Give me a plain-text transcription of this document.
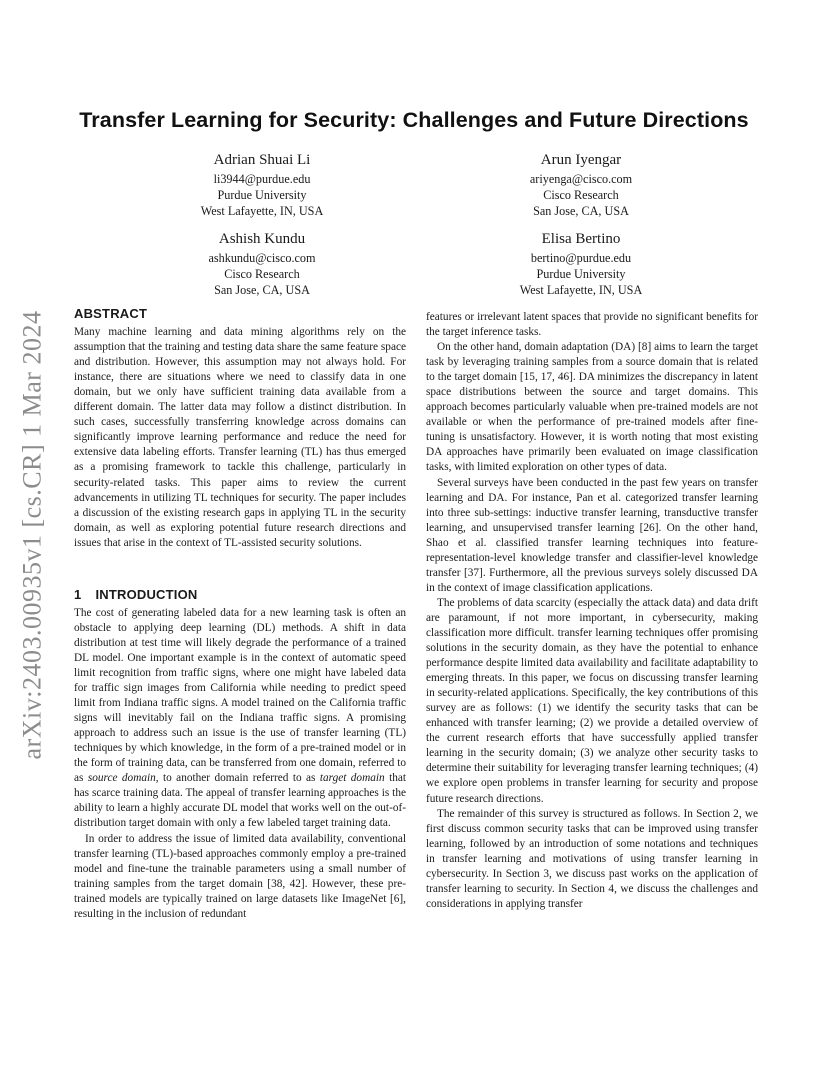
arXiv:2403.00935v1 [cs.CR] 1 Mar 2024
Transfer Learning for Security: Challenges and Future Directions
Adrian Shuai Li
li3944@purdue.edu
Purdue University
West Lafayette, IN, USA
Arun Iyengar
ariyenga@cisco.com
Cisco Research
San Jose, CA, USA
Ashish Kundu
ashkundu@cisco.com
Cisco Research
San Jose, CA, USA
Elisa Bertino
bertino@purdue.edu
Purdue University
West Lafayette, IN, USA
ABSTRACT

Many machine learning and data mining algorithms rely on the assumption that the training and testing data share the same feature space and distribution. However, this assumption may not always hold. For instance, there are situations where we need to classify data in one domain, but we only have sufficient training data available from a different domain. The latter data may follow a distinct distribution. In such cases, successfully transferring knowledge across domains can significantly improve learning performance and reduce the need for extensive data labeling efforts. Transfer learning (TL) has thus emerged as a promising framework to tackle this challenge, particularly in security-related tasks. This paper aims to review the current advancements in utilizing TL techniques for security. The paper includes a discussion of the existing research gaps in applying TL in the security domain, as well as exploring potential future research directions and issues that arise in the context of TL-assisted security solutions.

1 INTRODUCTION

The cost of generating labeled data for a new learning task is often an obstacle to applying deep learning (DL) methods. A shift in data distribution at test time will likely degrade the performance of a trained DL model. One important example is in the context of automatic speed limit recognition from traffic signs, where one might have labeled data for traffic sign images from California while needing to predict speed limit from Indiana traffic signs. A model trained on the California traffic signs will inevitably fail on the Indiana traffic signs. A promising approach to address such an issue is the use of transfer learning (TL) techniques by which knowledge, in the form of a pre-trained model or in the form of training data, can be transferred from one domain, referred to as source domain, to another domain referred to as target domain that has scarce training data. The appeal of transfer learning approaches is the ability to learn a highly accurate DL model that works well on the out-of-distribution target domain with only a few labeled target training data.

In order to address the issue of limited data availability, conventional transfer learning (TL)-based approaches commonly employ a pre-trained model and fine-tune the trainable parameters using a small number of training samples from the target domain [38, 42]. However, these pre-trained models are typically trained on large datasets like ImageNet [6], resulting in the inclusion of redundant

features or irrelevant latent spaces that provide no significant benefits for the target inference tasks.

On the other hand, domain adaptation (DA) [8] aims to learn the target task by leveraging training samples from a source domain that is related to the target domain [15, 17, 46]. DA minimizes the discrepancy in latent space distributions between the source and target domains. This approach becomes particularly valuable when pre-trained models are not available or when the performance of pre-trained models after fine-tuning is unsatisfactory. However, it is worth noting that most existing DA approaches have primarily been evaluated on image classification tasks, with limited exploration on other types of data.

Several surveys have been conducted in the past few years on transfer learning and DA. For instance, Pan et al. categorized transfer learning into three sub-settings: inductive transfer learning, transductive transfer learning, and unsupervised transfer learning [26]. On the other hand, Shao et al. classified transfer learning techniques into feature-representation-level knowledge transfer and classifier-level knowledge transfer [37]. Furthermore, all the previous surveys solely discussed DA in the context of image classification applications.

The problems of data scarcity (especially the attack data) and data drift are paramount, if not more important, in cybersecurity, making classification more difficult. transfer learning techniques offer promising solutions in the security domain, as they have the potential to enhance performance despite limited data availability and facilitate adaptability to emerging threats. In this paper, we focus on discussing transfer learning in security-related applications. Specifically, the key contributions of this survey are as follows: (1) we identify the security tasks that can be enhanced with transfer learning; (2) we provide a detailed overview of the current research efforts that have successfully applied transfer learning in the security domain; (3) we analyze other security tasks to determine their suitability for leveraging transfer learning techniques; (4) we explore open problems in transfer learning for security and propose future research directions.

The remainder of this survey is structured as follows. In Section 2, we first discuss common security tasks that can be improved using transfer learning, followed by an introduction of some notations and techniques in transfer learning and motivations of using transfer learning in cybersecurity. In Section 3, we discuss past works on the application of transfer learning to security. In Section 4, we discuss the challenges and considerations in applying transfer
